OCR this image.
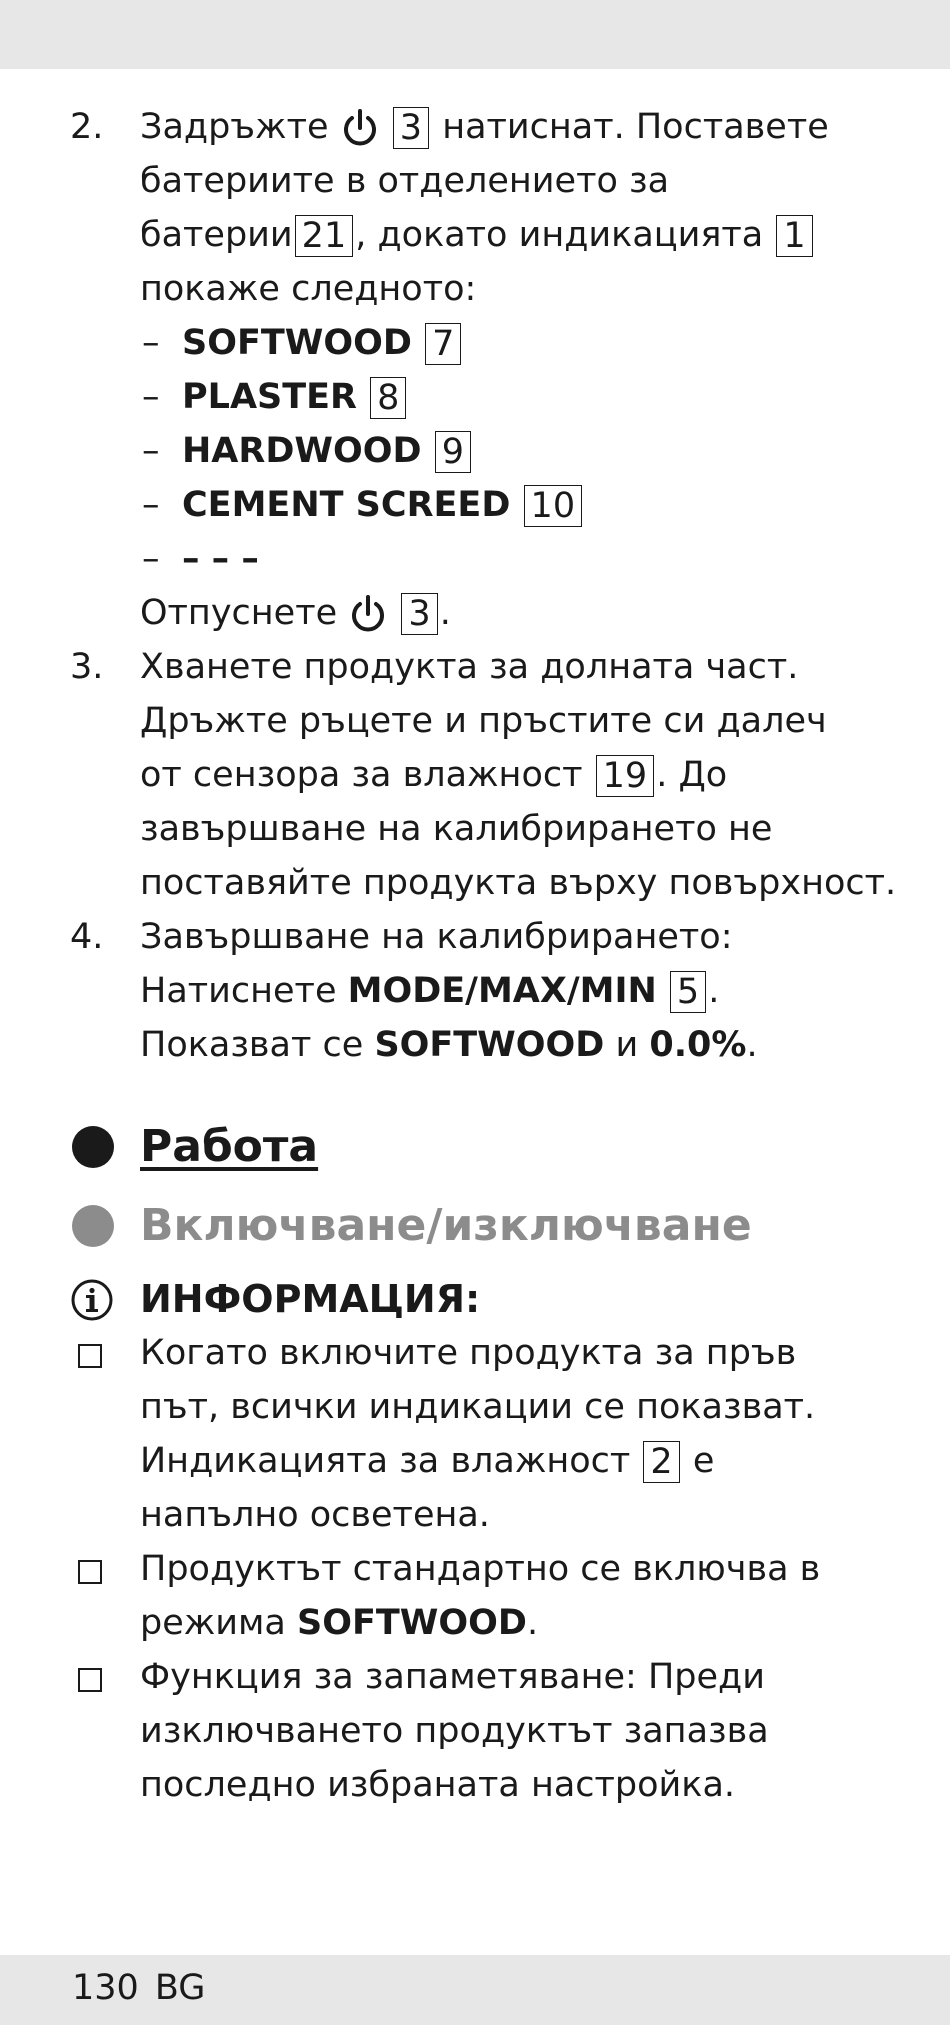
2. Задръжте 3 натиснат. Поставете
батериите в отделението за
батерии 21 , докато индикацията 1
покаже следното:
– SOFTWOOD 7
– PLASTER 8
– HARDWOOD 9
– CEMENT SCREED 10
– – – –
Отпуснете 3 .
3. Хванете продукта за долната част.
Дръжте ръцете и пръстите си далеч
от сензора за влажност 19 . До
завършване на калибрирането не
поставяйте продукта върху повърхност.
4. Завършване на калибрирането:
Натиснете MODE/MAX/MIN 5 .
Показват се SOFTWOOD и 0.0%.
Работа
Включване/изключване
ИНФОРМАЦИЯ:
Когато включите продукта за пръв
път, всички индикации се показват.
Индикацията за влажност 2 е
напълно осветена.
Продуктът стандартно се включва в
режима SOFTWOOD.
Функция за запаметяване: Преди
изключването продуктът запазва
последно избраната настройка.
130 BG
